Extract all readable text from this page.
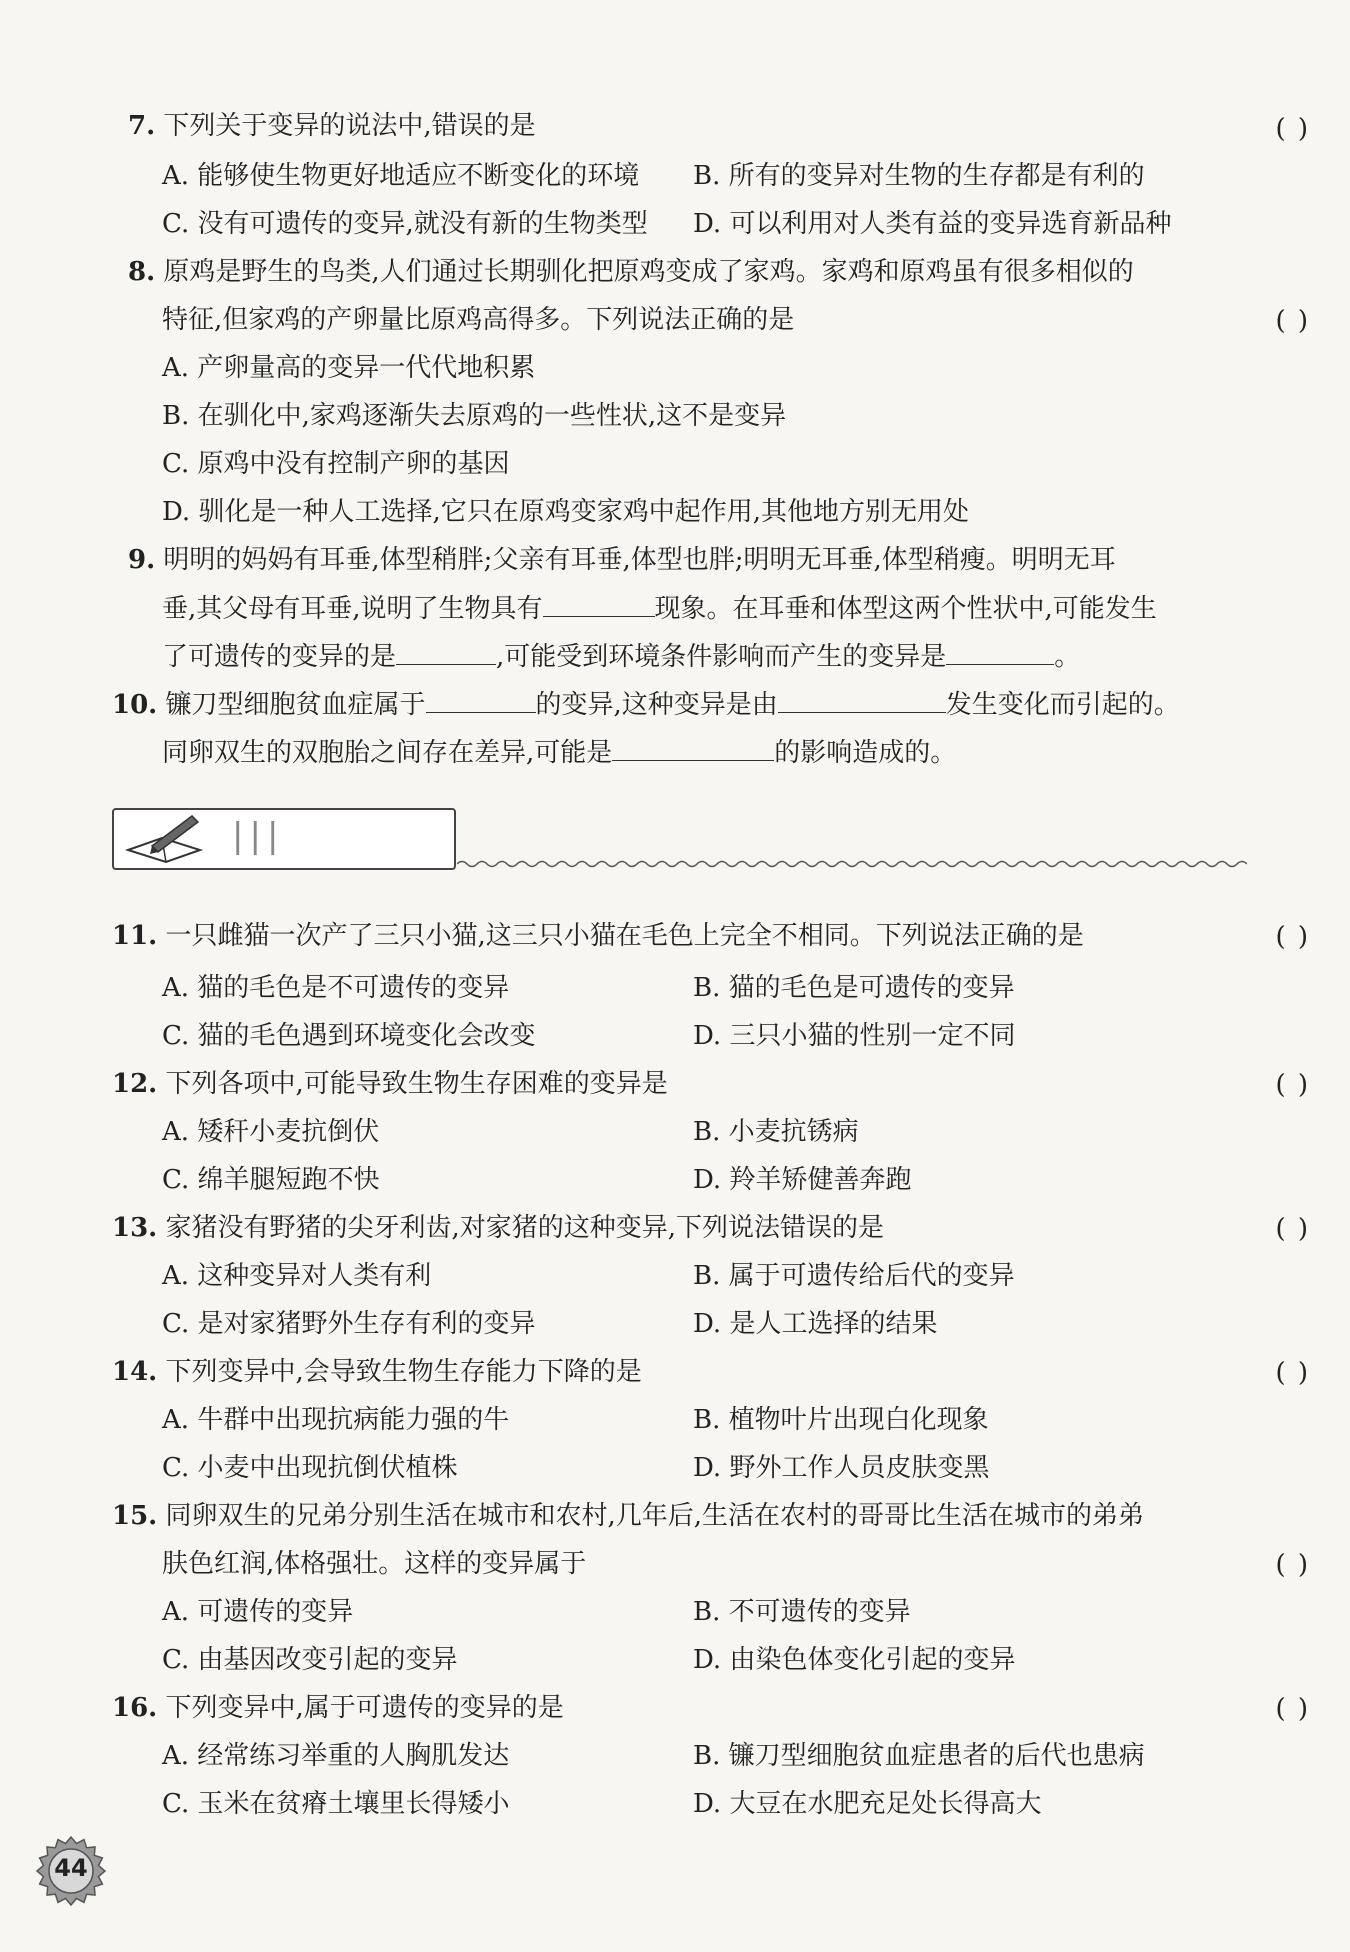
7. 下列关于变异的说法中,错误的是	( )
A. 能够使生物更好地适应不断变化的环境 B. 所有的变异对生物的生存都是有利的
C. 没有可遗传的变异,就没有新的生物类型 D. 可以利用对人类有益的变异选育新品种
8. 原鸡是野生的鸟类,人们通过长期驯化把原鸡变成了家鸡。家鸡和原鸡虽有很多相似的
特征,但家鸡的产卵量比原鸡高得多。下列说法正确的是	( )
A. 产卵量高的变异一代代地积累
B. 在驯化中,家鸡逐渐失去原鸡的一些性状,这不是变异
C. 原鸡中没有控制产卵的基因
D. 驯化是一种人工选择,它只在原鸡变家鸡中起作用,其他地方别无用处
9. 明明的妈妈有耳垂,体型稍胖;父亲有耳垂,体型也胖;明明无耳垂,体型稍瘦。明明无耳
垂,其父母有耳垂,说明了生物具有	现象。在耳垂和体型这两个性状中,可能发生
了可遗传的变异的是	,可能受到环境条件影响而产生的变异是	。
10. 镰刀型细胞贫血症属于	的变异,这种变异是由	发生变化而引起的。
同卵双生的双胞胎之间存在差异,可能是	的影响造成的。
|||
11. 一只雌猫一次产了三只小猫,这三只小猫在毛色上完全不相同。下列说法正确的是	( )
A. 猫的毛色是不可遗传的变异	B. 猫的毛色是可遗传的变异
C. 猫的毛色遇到环境变化会改变	D. 三只小猫的性别一定不同
12. 下列各项中,可能导致生物生存困难的变异是	( )
A. 矮秆小麦抗倒伏	B. 小麦抗锈病
C. 绵羊腿短跑不快	D. 羚羊矫健善奔跑
13. 家猪没有野猪的尖牙利齿,对家猪的这种变异,下列说法错误的是	( )
A. 这种变异对人类有利	B. 属于可遗传给后代的变异
C. 是对家猪野外生存有利的变异	D. 是人工选择的结果
14. 下列变异中,会导致生物生存能力下降的是	( )
A. 牛群中出现抗病能力强的牛	B. 植物叶片出现白化现象
C. 小麦中出现抗倒伏植株	D. 野外工作人员皮肤变黑
15. 同卵双生的兄弟分别生活在城市和农村,几年后,生活在农村的哥哥比生活在城市的弟弟
肤色红润,体格强壮。这样的变异属于	( )
A. 可遗传的变异	B. 不可遗传的变异
C. 由基因改变引起的变异	D. 由染色体变化引起的变异
16. 下列变异中,属于可遗传的变异的是	( )
A. 经常练习举重的人胸肌发达	B. 镰刀型细胞贫血症患者的后代也患病
C. 玉米在贫瘠土壤里长得矮小	D. 大豆在水肥充足处长得高大
44
